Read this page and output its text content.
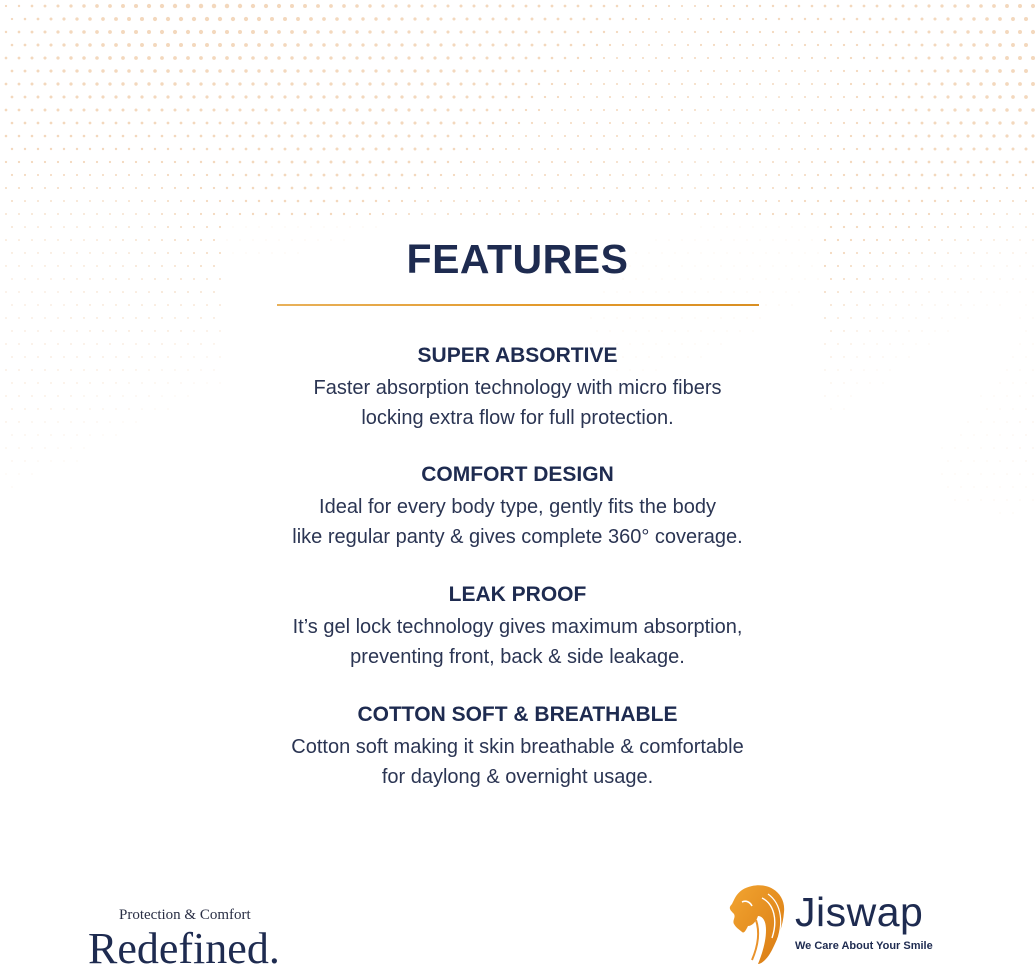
FEATURES
SUPER ABSORTIVE

Faster absorption technology with micro fibers
locking extra flow for full protection.

COMFORT DESIGN

Ideal for every body type, gently fits the body
like regular panty & gives complete 360° coverage.

LEAK PROOF

It’s gel lock technology gives maximum absorption,
preventing front, back & side leakage.

COTTON SOFT & BREATHABLE

Cotton soft making it skin breathable & comfortable
for daylong & overnight usage.

Protection & Comfort
Redefined.
Jiswap
We Care About Your Smile
